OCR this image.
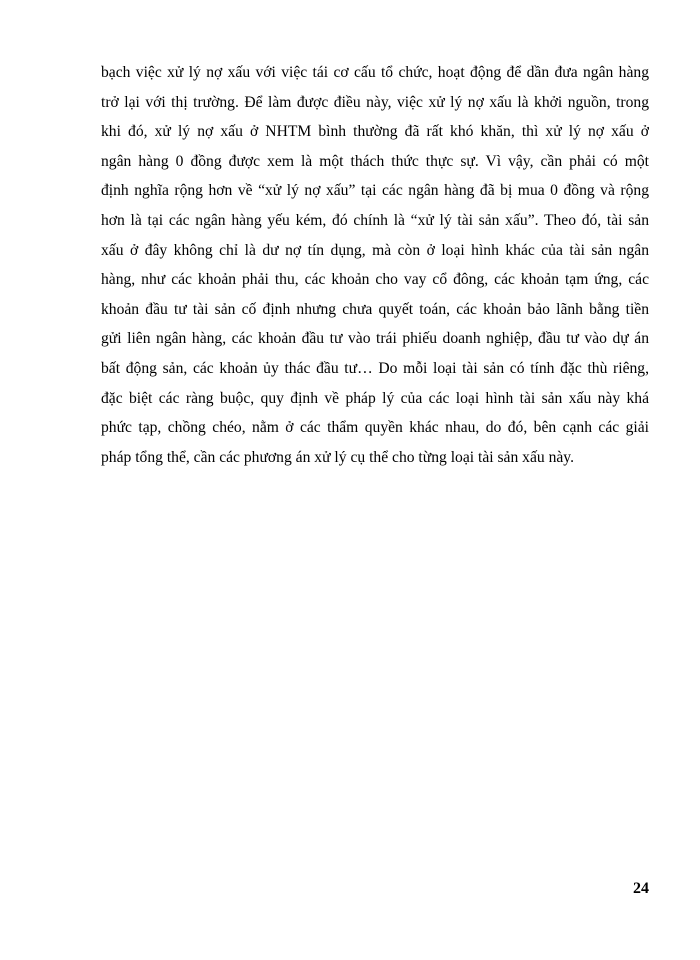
bạch việc xử lý nợ xấu với việc tái cơ cấu tổ chức, hoạt động để dần đưa ngân hàng
trở lại với thị trường. Để làm được điều này, việc xử lý nợ xấu là khởi nguồn, trong
khi đó, xử lý nợ xấu ở NHTM bình thường đã rất khó khăn, thì xử lý nợ xấu ở
ngân hàng 0 đồng được xem là một thách thức thực sự. Vì vậy, cần phải có một
định nghĩa rộng hơn về “xử lý nợ xấu” tại các ngân hàng đã bị mua 0 đồng và rộng
hơn là tại các ngân hàng yếu kém, đó chính là “xử lý tài sản xấu”. Theo đó, tài sản
xấu ở đây không chỉ là dư nợ tín dụng, mà còn ở loại hình khác của tài sản ngân
hàng, như các khoản phải thu, các khoản cho vay cổ đông, các khoản tạm ứng, các
khoản đầu tư tài sản cố định nhưng chưa quyết toán, các khoản bảo lãnh bằng tiền
gửi liên ngân hàng, các khoản đầu tư vào trái phiếu doanh nghiệp, đầu tư vào dự án
bất động sản, các khoản ủy thác đầu tư… Do mỗi loại tài sản có tính đặc thù riêng,
đặc biệt các ràng buộc, quy định về pháp lý của các loại hình tài sản xấu này khá
phức tạp, chồng chéo, nằm ở các thẩm quyền khác nhau, do đó, bên cạnh các giải
pháp tổng thể, cần các phương án xử lý cụ thể cho từng loại tài sản xấu này.
24
